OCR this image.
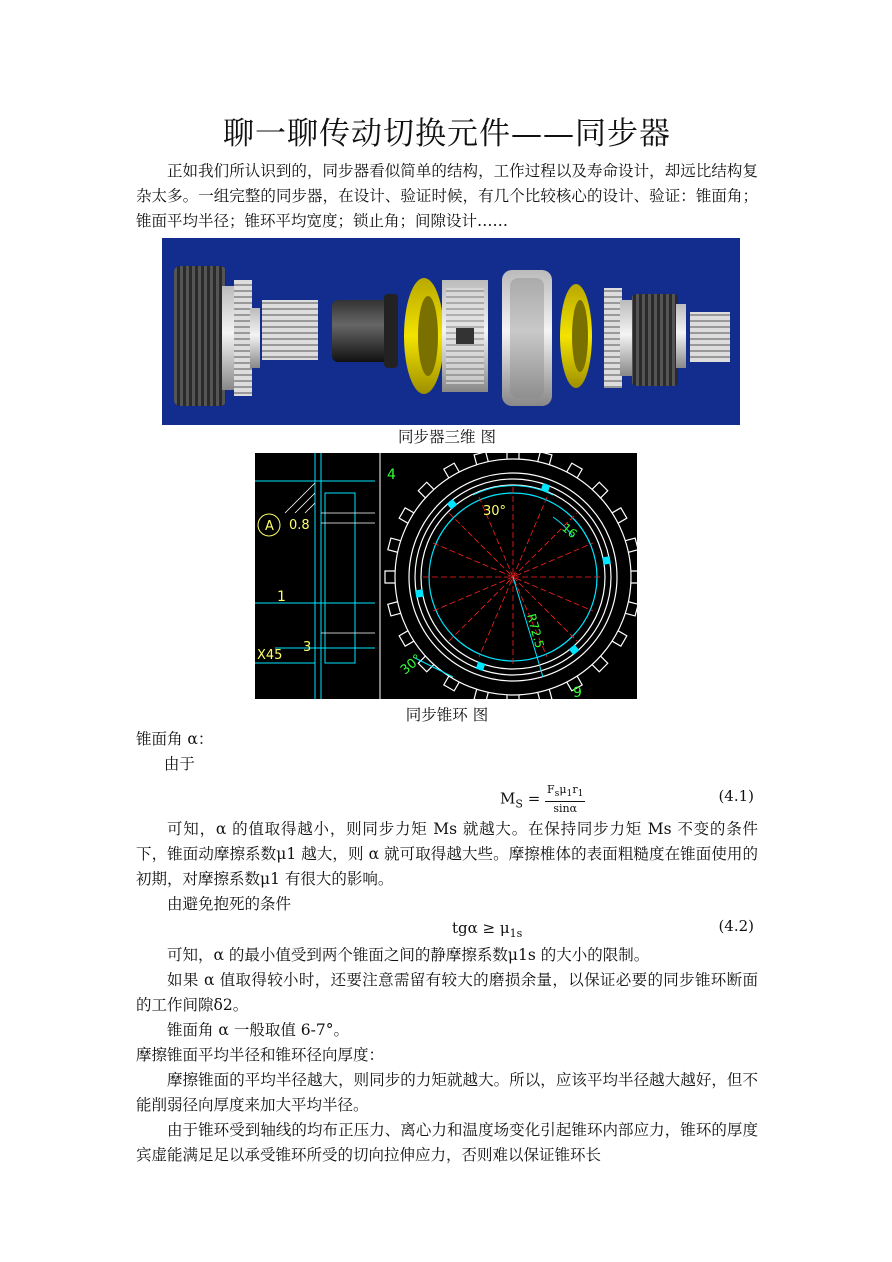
聊一聊传动切换元件——同步器

正如我们所认识到的，同步器看似简单的结构，工作过程以及寿命设计，却远比结构复杂太多。一组完整的同步器，在设计、验证时候，有几个比较核心的设计、验证：锥面角；锥面平均半径；锥环平均宽度；锁止角；间隙设计……

同步器三维 图
A 0.8
1
X45
3
4
30°
30°
R72.5
9
16
同步锥环 图

锥面角 α：

由于

$M_S = \frac{F_s\mu_1r_1}{\sin\alpha}$	(4.1)

可知，α 的值取得越小，则同步力矩 Ms 就越大。在保持同步力矩 Ms 不变的条件下，锥面动摩擦系数μ1 越大，则 α 就可取得越大些。摩擦椎体的表面粗糙度在锥面使用的初期，对摩擦系数μ1 有很大的影响。

由避免抱死的条件

$tg\alpha \ge \mu_{1s}$	(4.2)

可知，α 的最小值受到两个锥面之间的静摩擦系数μ1s 的大小的限制。

如果 α 值取得较小时，还要注意需留有较大的磨损余量，以保证必要的同步锥环断面的工作间隙δ2。

锥面角 α 一般取值 6-7°。

摩擦锥面平均半径和锥环径向厚度：

摩擦锥面的平均半径越大，则同步的力矩就越大。所以，应该平均半径越大越好，但不能削弱径向厚度来加大平均半径。

由于锥环受到轴线的均布正压力、离心力和温度场变化引起锥环内部应力，锥环的厚度宾虚能满足足以承受锥环所受的切向拉伸应力，否则难以保证锥环长
